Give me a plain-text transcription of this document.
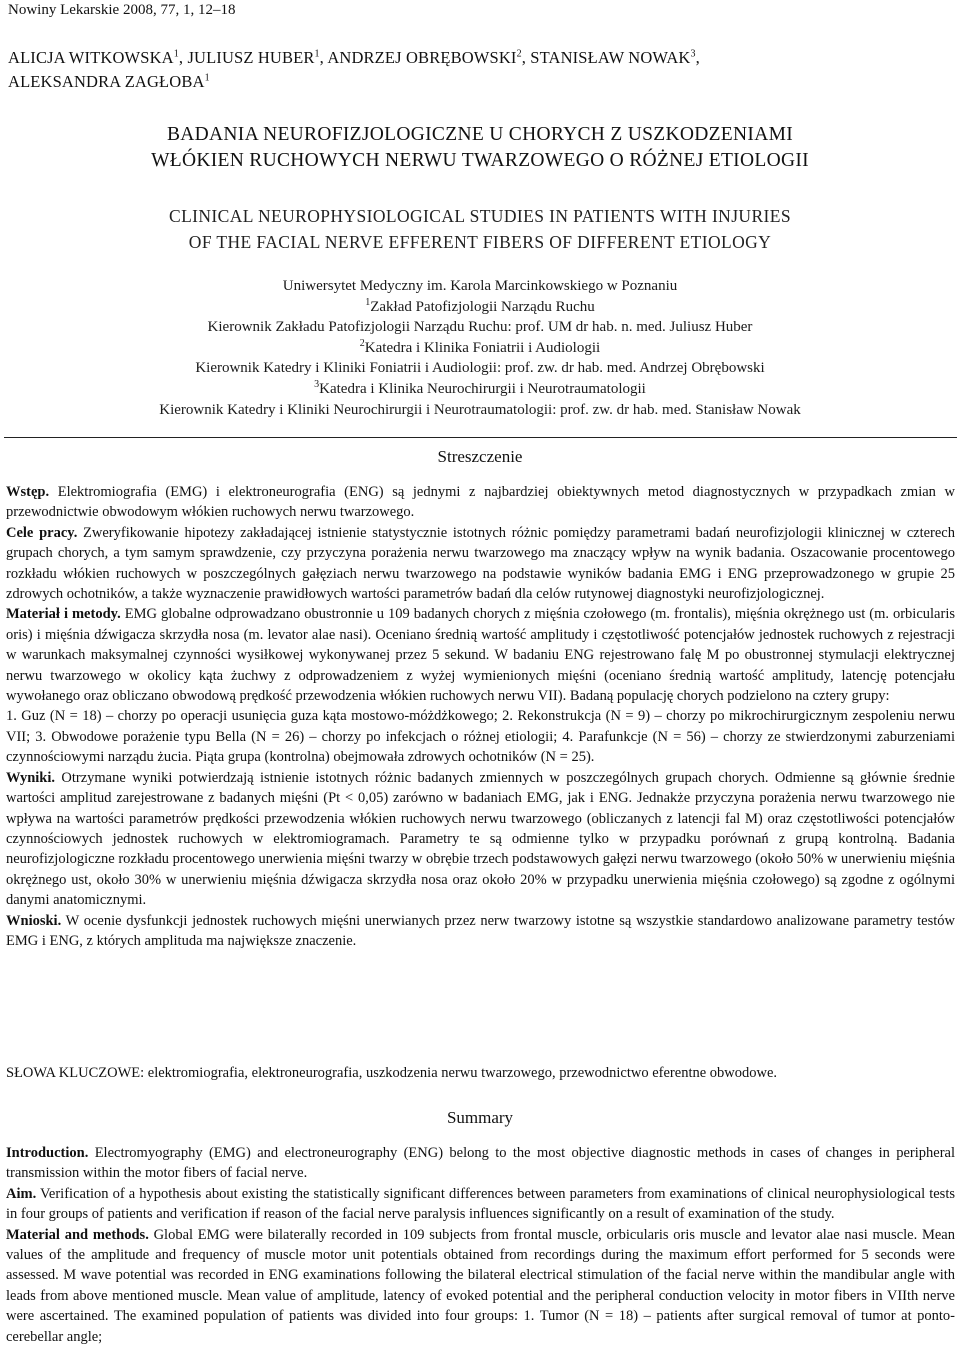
Nowiny Lekarskie 2008, 77, 1, 12–18
ALICJA WITKOWSKA$^1$, JULIUSZ HUBER$^1$, ANDRZEJ OBRĘBOWSKI$^2$, STANISŁAW NOWAK$^3$,
ALEKSANDRA ZAGŁOBA$^1$
BADANIA NEUROFIZJOLOGICZNE U CHORYCH Z USZKODZENIAMI
WŁÓKIEN RUCHOWYCH NERWU TWARZOWEGO O RÓŻNEJ ETIOLOGII
CLINICAL NEUROPHYSIOLOGICAL STUDIES IN PATIENTS WITH INJURIES
OF THE FACIAL NERVE EFFERENT FIBERS OF DIFFERENT ETIOLOGY
Uniwersytet Medyczny im. Karola Marcinkowskiego w Poznaniu
$^1$Zakład Patofizjologii Narządu Ruchu
Kierownik Zakładu Patofizjologii Narządu Ruchu: prof. UM dr hab. n. med. Juliusz Huber
$^2$Katedra i Klinika Foniatrii i Audiologii
Kierownik Katedry i Kliniki Foniatrii i Audiologii: prof. zw. dr hab. med. Andrzej Obrębowski
$^3$Katedra i Klinika Neurochirurgii i Neurotraumatologii
Kierownik Katedry i Kliniki Neurochirurgii i Neurotraumatologii: prof. zw. dr hab. med. Stanisław Nowak
Streszczenie

Wstęp. Elektromiografia (EMG) i elektroneurografia (ENG) są jednymi z najbardziej obiektywnych metod diagnostycznych w przypadkach zmian w przewodnictwie obwodowym włókien ruchowych nerwu twarzowego.

Cele pracy. Zweryfikowanie hipotezy zakładającej istnienie statystycznie istotnych różnic pomiędzy parametrami badań neurofizjologii klinicznej w czterech grupach chorych, a tym samym sprawdzenie, czy przyczyna porażenia nerwu twarzowego ma znaczący wpływ na wynik badania. Oszacowanie procentowego rozkładu włókien ruchowych w poszczególnych gałęziach nerwu twarzowego na podstawie wyników badania EMG i ENG przeprowadzonego w grupie 25 zdrowych ochotników, a także wyznaczenie prawidłowych wartości parametrów badań dla celów rutynowej diagnostyki neurofizjologicznej.

Materiał i metody. EMG globalne odprowadzano obustronnie u 109 badanych chorych z mięśnia czołowego (m. frontalis), mięśnia okrężnego ust (m. orbicularis oris) i mięśnia dźwigacza skrzydła nosa (m. levator alae nasi). Oceniano średnią wartość amplitudy i częstotliwość potencjałów jednostek ruchowych z rejestracji w warunkach maksymalnej czynności wysiłkowej wykonywanej przez 5 sekund. W badaniu ENG rejestrowano falę M po obustronnej stymulacji elektrycznej nerwu twarzowego w okolicy kąta żuchwy z odprowadzeniem z wyżej wymienionych mięśni (oceniano średnią wartość amplitudy, latencję potencjału wywołanego oraz obliczano obwodową prędkość przewodzenia włókien ruchowych nerwu VII). Badaną populację chorych podzielono na cztery grupy:

1. Guz (N = 18) – chorzy po operacji usunięcia guza kąta mostowo-móżdżkowego; 2. Rekonstrukcja (N = 9) – chorzy po mikrochirurgicznym zespoleniu nerwu VII; 3. Obwodowe porażenie typu Bella (N = 26) – chorzy po infekcjach o różnej etiologii; 4. Parafunkcje (N = 56) – chorzy ze stwierdzonymi zaburzeniami czynnościowymi narządu żucia. Piąta grupa (kontrolna) obejmowała zdrowych ochotników (N = 25).

Wyniki. Otrzymane wyniki potwierdzają istnienie istotnych różnic badanych zmiennych w poszczególnych grupach chorych. Odmienne są głównie średnie wartości amplitud zarejestrowane z badanych mięśni (Pt < 0,05) zarówno w badaniach EMG, jak i ENG. Jednakże przyczyna porażenia nerwu twarzowego nie wpływa na wartości parametrów prędkości przewodzenia włókien ruchowych nerwu twarzowego (obliczanych z latencji fal M) oraz częstotliwości potencjałów czynnościowych jednostek ruchowych w elektromiogramach. Parametry te są odmienne tylko w przypadku porównań z grupą kontrolną. Badania neurofizjologiczne rozkładu procentowego unerwienia mięśni twarzy w obrębie trzech podstawowych gałęzi nerwu twarzowego (około 50% w unerwieniu mięśnia okrężnego ust, około 30% w unerwieniu mięśnia dźwigacza skrzydła nosa oraz około 20% w przypadku unerwienia mięśnia czołowego) są zgodne z ogólnymi danymi anatomicznymi.

Wnioski. W ocenie dysfunkcji jednostek ruchowych mięśni unerwianych przez nerw twarzowy istotne są wszystkie standardowo analizowane parametry testów EMG i ENG, z których amplituda ma największe znaczenie.

SŁOWA KLUCZOWE: elektromiografia, elektroneurografia, uszkodzenia nerwu twarzowego, przewodnictwo eferentne obwodowe.
Summary

Introduction. Electromyography (EMG) and electroneurography (ENG) belong to the most objective diagnostic methods in cases of changes in peripheral transmission within the motor fibers of facial nerve.

Aim. Verification of a hypothesis about existing the statistically significant differences between parameters from examinations of clinical neurophysiological tests in four groups of patients and verification if reason of the facial nerve paralysis influences significantly on a result of examination of the study.

Material and methods. Global EMG were bilaterally recorded in 109 subjects from frontal muscle, orbicularis oris muscle and levator alae nasi muscle. Mean values of the amplitude and frequency of muscle motor unit potentials obtained from recordings during the maximum effort performed for 5 seconds were assessed. M wave potential was recorded in ENG examinations following the bilateral electrical stimulation of the facial nerve within the mandibular angle with leads from above mentioned muscle. Mean value of amplitude, latency of evoked potential and the peripheral conduction velocity in motor fibers in VIIth nerve were ascertained. The examined population of patients was divided into four groups: 1. Tumor (N = 18) – patients after surgical removal of tumor at ponto-cerebellar angle;
